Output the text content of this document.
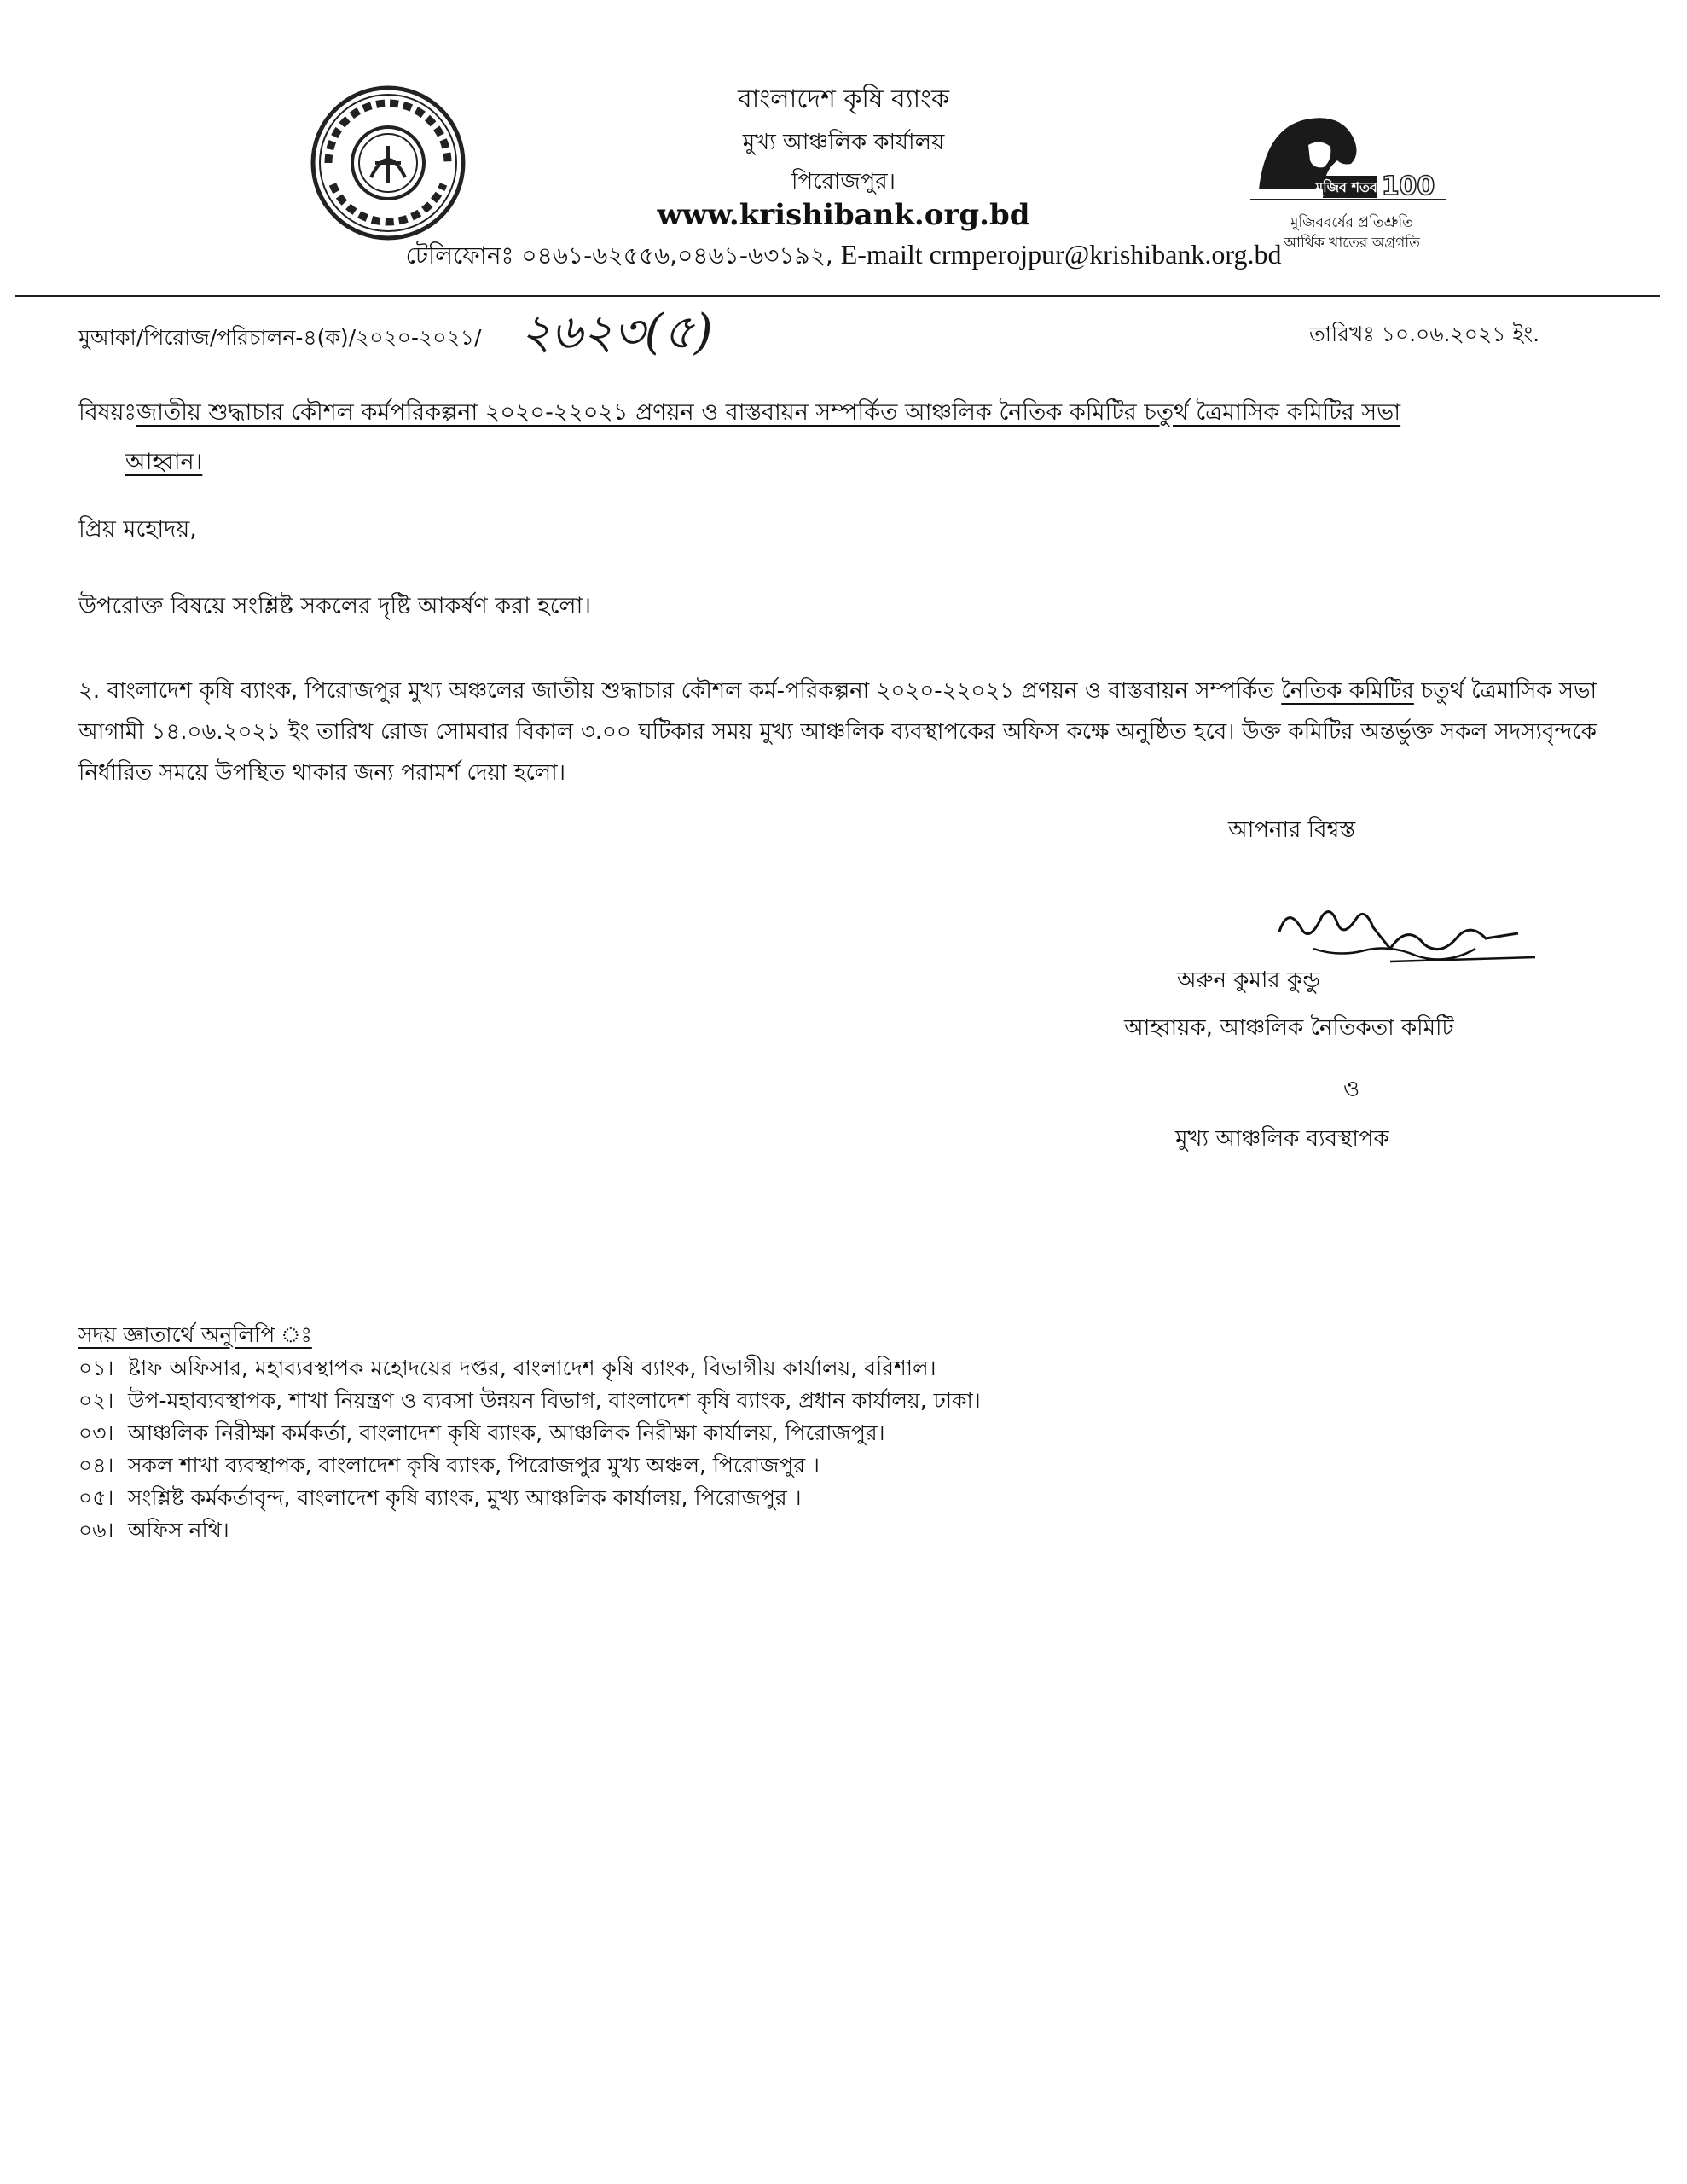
বাংলাদেশ কৃষি ব্যাংক
মুখ্য আঞ্চলিক কার্যালয়
পিরোজপুর।
www.krishibank.org.bd
টেলিফোনঃ ০৪৬১-৬২৫৫৬,০৪৬১-৬৩১৯২, E-mailt crmperojpur@krishibank.org.bd
মুজিব শতবর্ষ
100
মুজিববর্ষের প্রতিশ্রুতি
আর্থিক খাতের অগ্রগতি
মুআকা/পিরোজ/পরিচালন-৪(ক)/২০২০-২০২১/ ২৬২৩(৫)	তারিখঃ ১০.০৬.২০২১ ইং.
বিষয়ঃজাতীয় শুদ্ধাচার কৌশল কর্মপরিকল্পনা ২০২০-২২০২১ প্রণয়ন ও বাস্তবায়ন সম্পর্কিত আঞ্চলিক নৈতিক কমিটির চতুর্থ ত্রৈমাসিক কমিটির সভা
আহ্বান।
প্রিয় মহোদয়,
উপরোক্ত বিষয়ে সংশ্লিষ্ট সকলের দৃষ্টি আকর্ষণ করা হলো।
২. বাংলাদেশ কৃষি ব্যাংক, পিরোজপুর মুখ্য অঞ্চলের জাতীয় শুদ্ধাচার কৌশল কর্ম-পরিকল্পনা ২০২০-২২০২১ প্রণয়ন ও বাস্তবায়ন সম্পর্কিত নৈতিক কমিটির চতুর্থ ত্রৈমাসিক সভা আগামী ১৪.০৬.২০২১ ইং তারিখ রোজ সোমবার বিকাল ৩.০০ ঘটিকার সময় মুখ্য আঞ্চলিক ব্যবস্থাপকের অফিস কক্ষে অনুষ্ঠিত হবে। উক্ত কমিটির অন্তর্ভুক্ত সকল সদস্যবৃন্দকে নির্ধারিত সময়ে উপস্থিত থাকার জন্য পরামর্শ দেয়া হলো।
আপনার বিশ্বস্ত
অরুন কুমার কুন্ডু
আহ্বায়ক, আঞ্চলিক নৈতিকতা কমিটি
ও
মুখ্য আঞ্চলিক ব্যবস্থাপক
সদয় জ্ঞাতার্থে অনুলিপি ঃ
০১। ষ্টাফ অফিসার, মহাব্যবস্থাপক মহোদয়ের দপ্তর, বাংলাদেশ কৃষি ব্যাংক, বিভাগীয় কার্যালয়, বরিশাল।
০২। উপ-মহাব্যবস্থাপক, শাখা নিয়ন্ত্রণ ও ব্যবসা উন্নয়ন বিভাগ, বাংলাদেশ কৃষি ব্যাংক, প্রধান কার্যালয়, ঢাকা।
০৩। আঞ্চলিক নিরীক্ষা কর্মকর্তা, বাংলাদেশ কৃষি ব্যাংক, আঞ্চলিক নিরীক্ষা কার্যালয়, পিরোজপুর।
০৪। সকল শাখা ব্যবস্থাপক, বাংলাদেশ কৃষি ব্যাংক, পিরোজপুর মুখ্য অঞ্চল, পিরোজপুর ।
০৫। সংশ্লিষ্ট কর্মকর্তাবৃন্দ, বাংলাদেশ কৃষি ব্যাংক, মুখ্য আঞ্চলিক কার্যালয়, পিরোজপুর ।
০৬। অফিস নথি।
